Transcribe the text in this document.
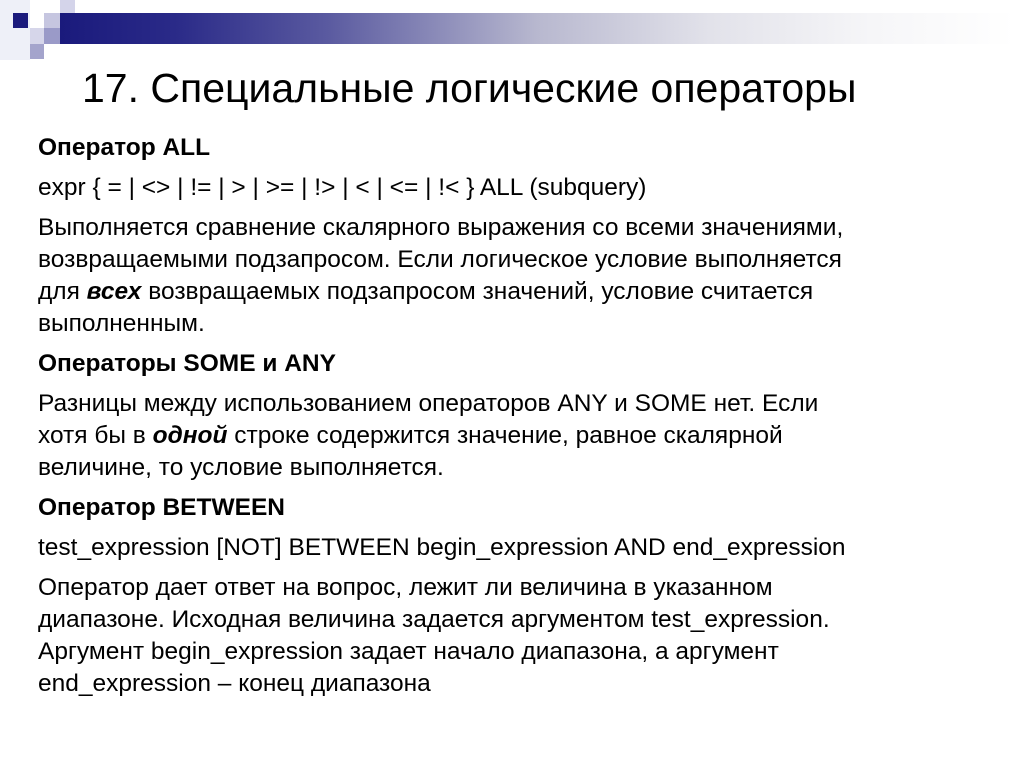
17. Специальные логические операторы
Оператор ALL
expr { = | <> | != | > | >= | !> | < | <= | !< } ALL (subquery)
Выполняется сравнение скалярного выражения со всеми значениями,
возвращаемыми подзапросом. Если логическое условие выполняется
для всех возвращаемых подзапросом значений, условие считается
выполненным.
Операторы SOME и ANY
Разницы между использованием операторов ANY и SOME нет. Если
хотя бы в одной строке содержится значение, равное скалярной
величине, то условие выполняется.
Оператор BETWEEN
test_expression [NOT] BETWEEN begin_expression AND end_expression
Оператор дает ответ на вопрос, лежит ли величина в указанном
диапазоне. Исходная величина задается аргументом test_expression.
Аргумент begin_expression задает начало диапазона, а аргумент
end_expression – конец диапазона
